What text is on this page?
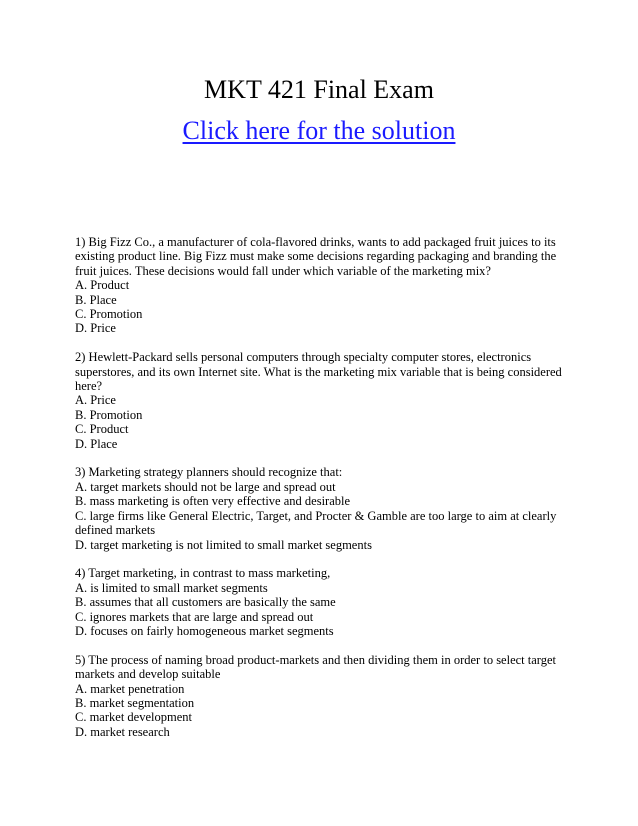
MKT 421 Final Exam
Click here for the solution
1) Big Fizz Co., a manufacturer of cola-flavored drinks, wants to add packaged fruit juices to its existing product line. Big Fizz must make some decisions regarding packaging and branding the fruit juices. These decisions would fall under which variable of the marketing mix?
A. Product
B. Place
C. Promotion
D. Price
2) Hewlett-Packard sells personal computers through specialty computer stores, electronics superstores, and its own Internet site. What is the marketing mix variable that is being considered here?
A. Price
B. Promotion
C. Product
D. Place
3) Marketing strategy planners should recognize that:
A. target markets should not be large and spread out
B. mass marketing is often very effective and desirable
C. large firms like General Electric, Target, and Procter & Gamble are too large to aim at clearly defined markets
D. target marketing is not limited to small market segments
4) Target marketing, in contrast to mass marketing,
A. is limited to small market segments
B. assumes that all customers are basically the same
C. ignores markets that are large and spread out
D. focuses on fairly homogeneous market segments
5) The process of naming broad product-markets and then dividing them in order to select target markets and develop suitable
A. market penetration
B. market segmentation
C. market development
D. market research
